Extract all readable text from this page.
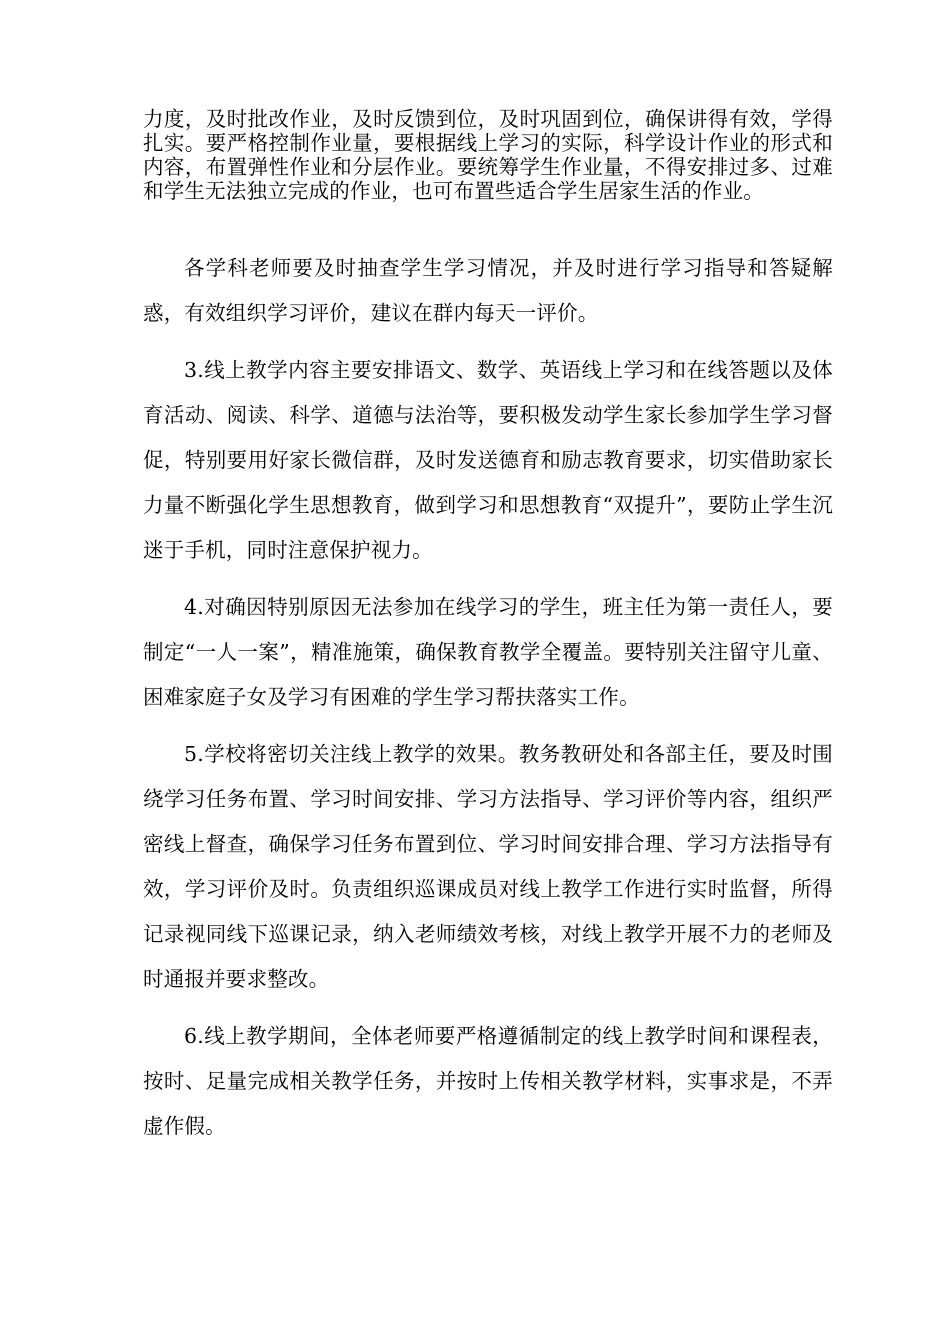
力度，及时批改作业，及时反馈到位，及时巩固到位，确保讲得有效，学得扎实。要严格控制作业量，要根据线上学习的实际，科学设计作业的形式和内容，布置弹性作业和分层作业。要统筹学生作业量，不得安排过多、过难和学生无法独立完成的作业，也可布置些适合学生居家生活的作业。

各学科老师要及时抽查学生学习情况，并及时进行学习指导和答疑解惑，有效组织学习评价，建议在群内每天一评价。

3.线上教学内容主要安排语文、数学、英语线上学习和在线答题以及体育活动、阅读、科学、道德与法治等，要积极发动学生家长参加学生学习督促，特别要用好家长微信群，及时发送德育和励志教育要求，切实借助家长力量不断强化学生思想教育，做到学习和思想教育“双提升”，要防止学生沉迷于手机，同时注意保护视力。

4.对确因特别原因无法参加在线学习的学生，班主任为第一责任人，要制定“一人一案”，精准施策，确保教育教学全覆盖。要特别关注留守儿童、困难家庭子女及学习有困难的学生学习帮扶落实工作。

5.学校将密切关注线上教学的效果。教务教研处和各部主任，要及时围绕学习任务布置、学习时间安排、学习方法指导、学习评价等内容，组织严密线上督查，确保学习任务布置到位、学习时间安排合理、学习方法指导有效，学习评价及时。负责组织巡课成员对线上教学工作进行实时监督，所得记录视同线下巡课记录，纳入老师绩效考核，对线上教学开展不力的老师及时通报并要求整改。

6.线上教学期间，全体老师要严格遵循制定的线上教学时间和课程表，按时、足量完成相关教学任务，并按时上传相关教学材料，实事求是，不弄虚作假。
